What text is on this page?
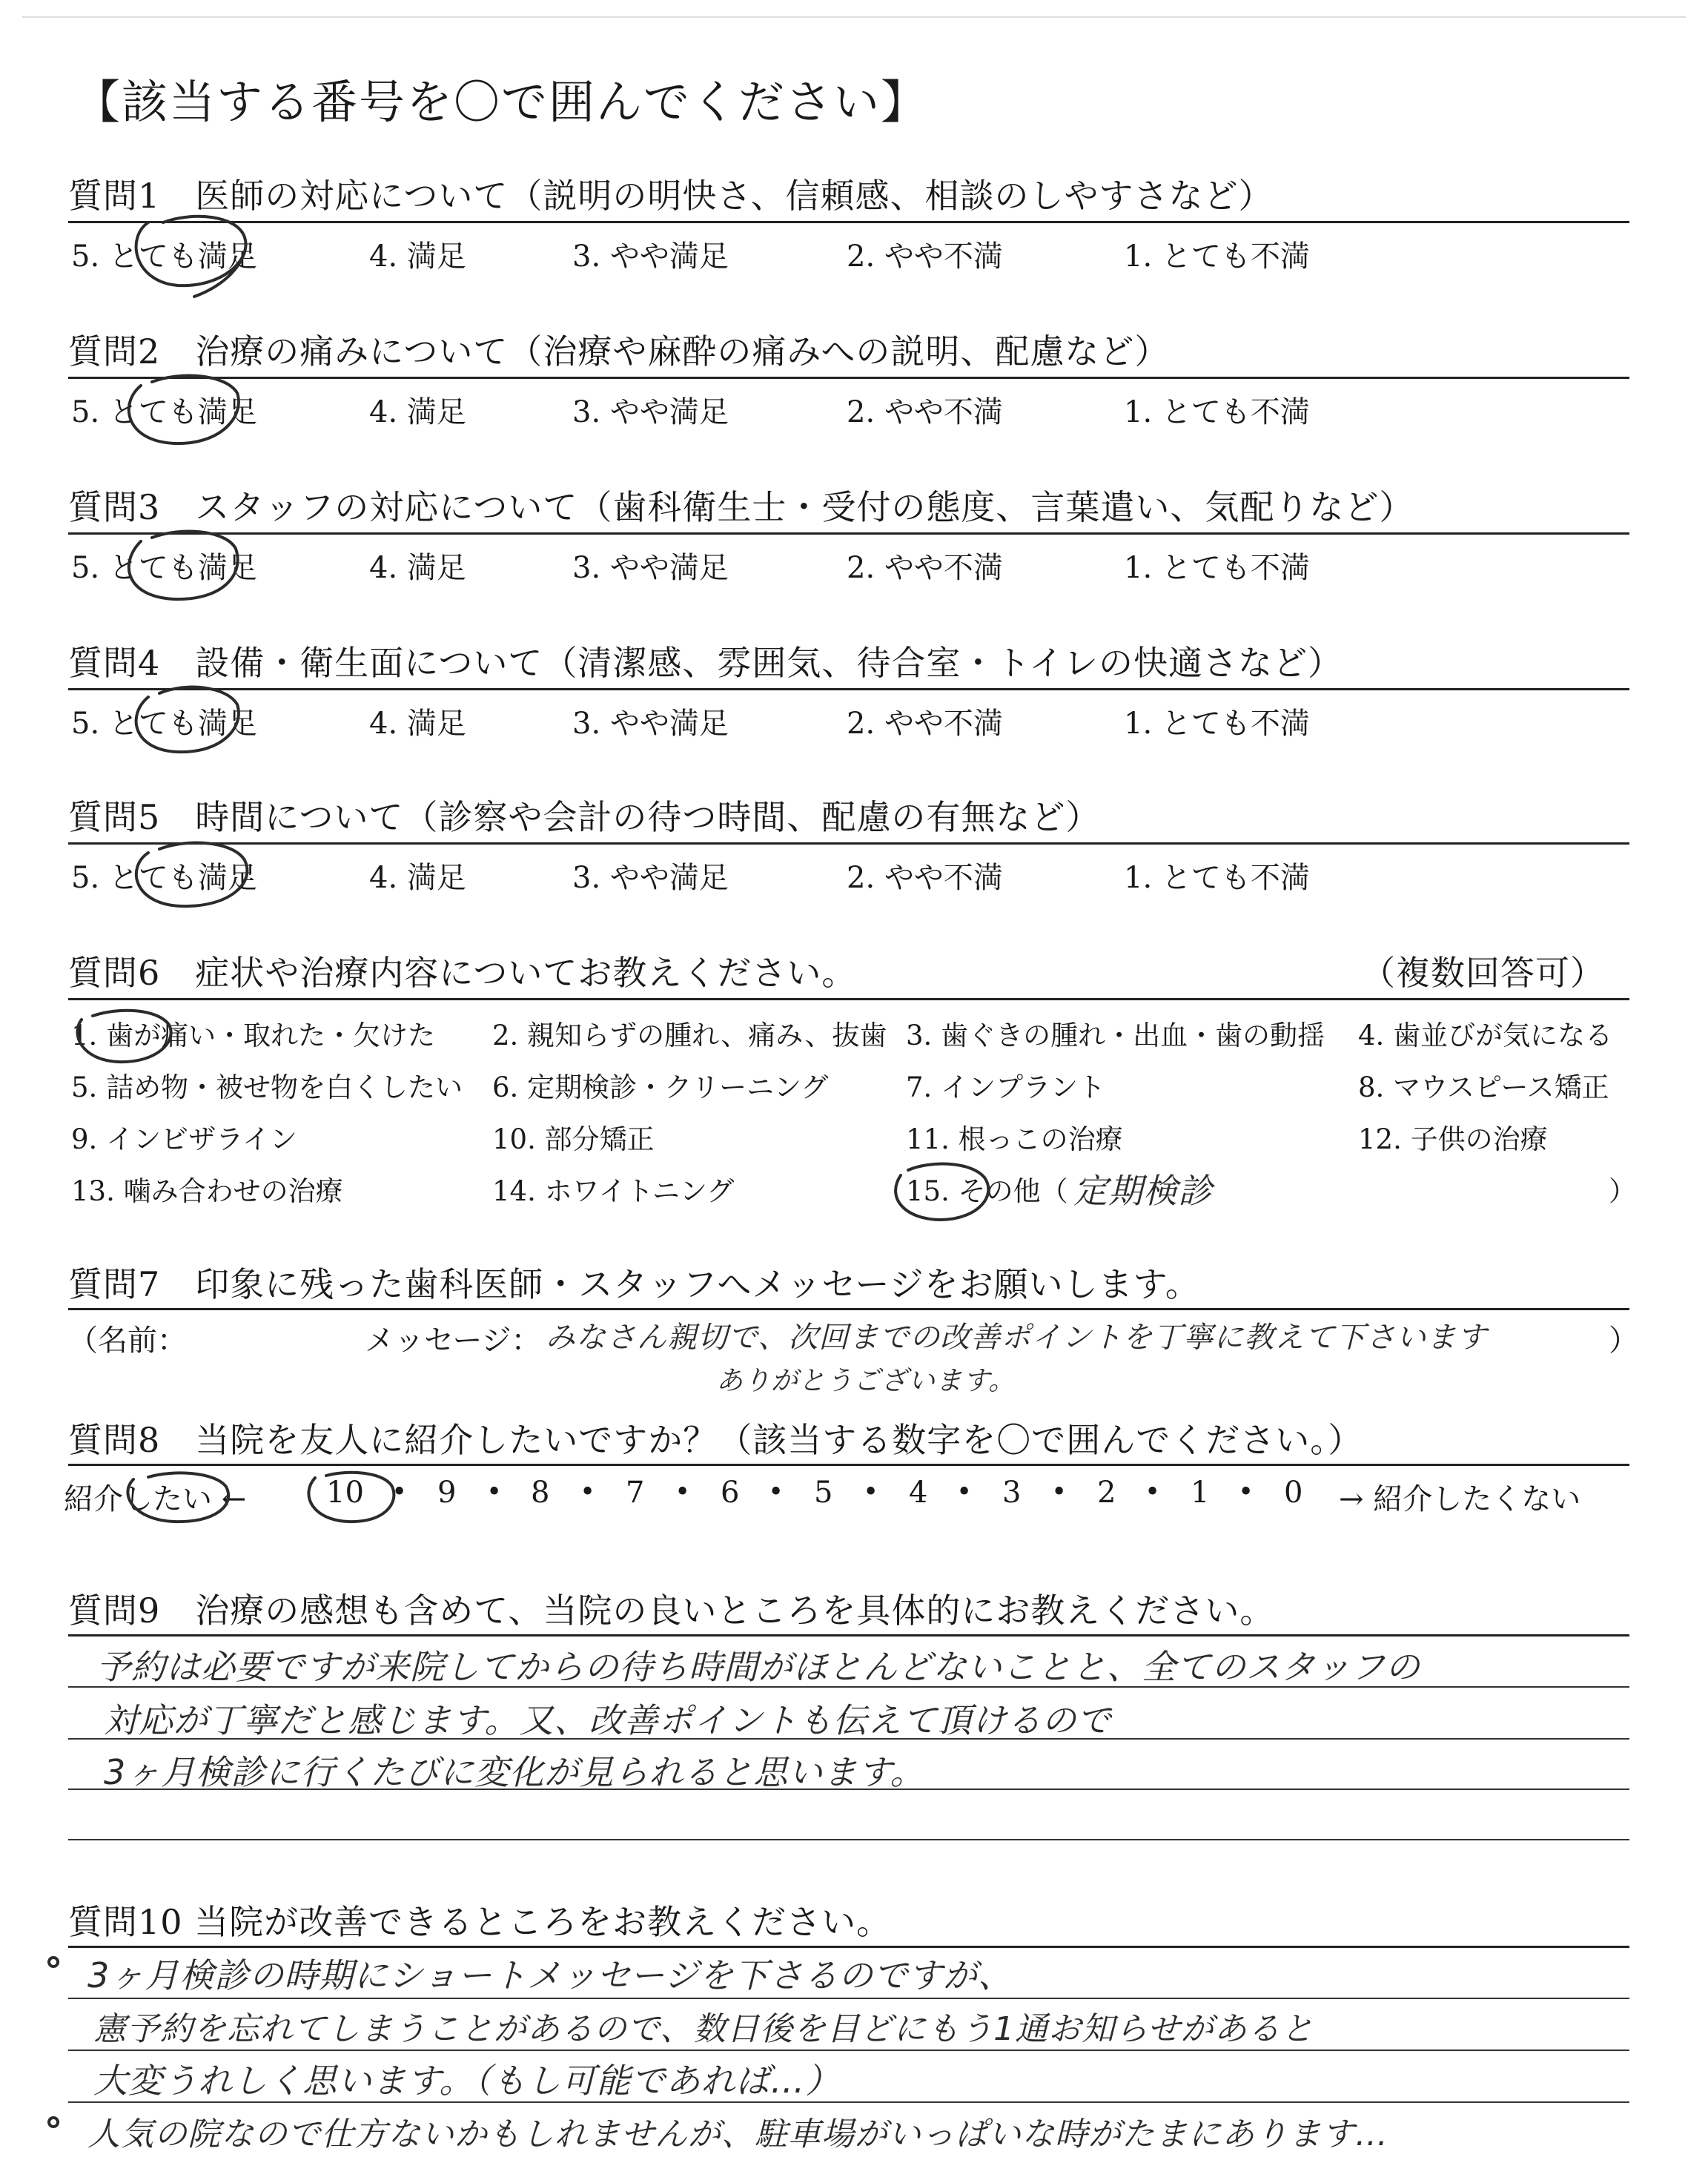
【該当する番号を〇で囲んでください】
質問1　医師の対応について（説明の明快さ、信頼感、相談のしやすさなど）
5. とても満足	4. 満足	3. やや満足	2. やや不満	1. とても不満
質問2　治療の痛みについて（治療や麻酔の痛みへの説明、配慮など）
5. とても満足	4. 満足	3. やや満足	2. やや不満	1. とても不満
質問3　スタッフの対応について（歯科衛生士・受付の態度、言葉遣い、気配りなど）
5. とても満足	4. 満足	3. やや満足	2. やや不満	1. とても不満
質問4　設備・衛生面について（清潔感、雰囲気、待合室・トイレの快適さなど）
5. とても満足	4. 満足	3. やや満足	2. やや不満	1. とても不満
質問5　時間について（診察や会計の待つ時間、配慮の有無など）
5. とても満足	4. 満足	3. やや満足	2. やや不満	1. とても不満
質問6　症状や治療内容についてお教えください。	（複数回答可）
1. 歯が痛い・取れた・欠けた 2. 親知らずの腫れ、痛み、抜歯 3. 歯ぐきの腫れ・出血・歯の動揺 4. 歯並びが気になる
5. 詰め物・被せ物を白くしたい 6. 定期検診・クリーニング	7. インプラント	8. マウスピース矯正
9. インビザライン	10. 部分矯正	11. 根っこの治療	12. 子供の治療
13. 噛み合わせの治療	14. ホワイトニング	15. その他（ 定期検診	）
質問7　印象に残った歯科医師・スタッフへメッセージをお願いします。
（名前：	メッセージ：	）
みなさん親切で、次回までの改善ポイントを丁寧に教えて下さいます
ありがとうございます。
質問8　当院を友人に紹介したいですか？（該当する数字を〇で囲んでください。）
紹介したい ←	→ 紹介したくない
10 9	8	7	6	5	4	3	2	1	0
•	•	•	•	•	•	•	•	•	•
質問9　治療の感想も含めて、当院の良いところを具体的にお教えください。
予約は必要ですが来院してからの待ち時間がほとんどないことと、全てのスタッフの
対応が丁寧だと感じます。又、改善ポイントも伝えて頂けるので
3ヶ月検診に行くたびに変化が見られると思います。
質問10 当院が改善できるところをお教えください。
3ヶ月検診の時期にショートメッセージを下さるのですが、
憲予約を忘れてしまうことがあるので、数日後を目どにもう1通お知らせがあると
大変うれしく思います。（もし可能であれば…）
人気の院なので仕方ないかもしれませんが、駐車場がいっぱいな時がたまにあります…
